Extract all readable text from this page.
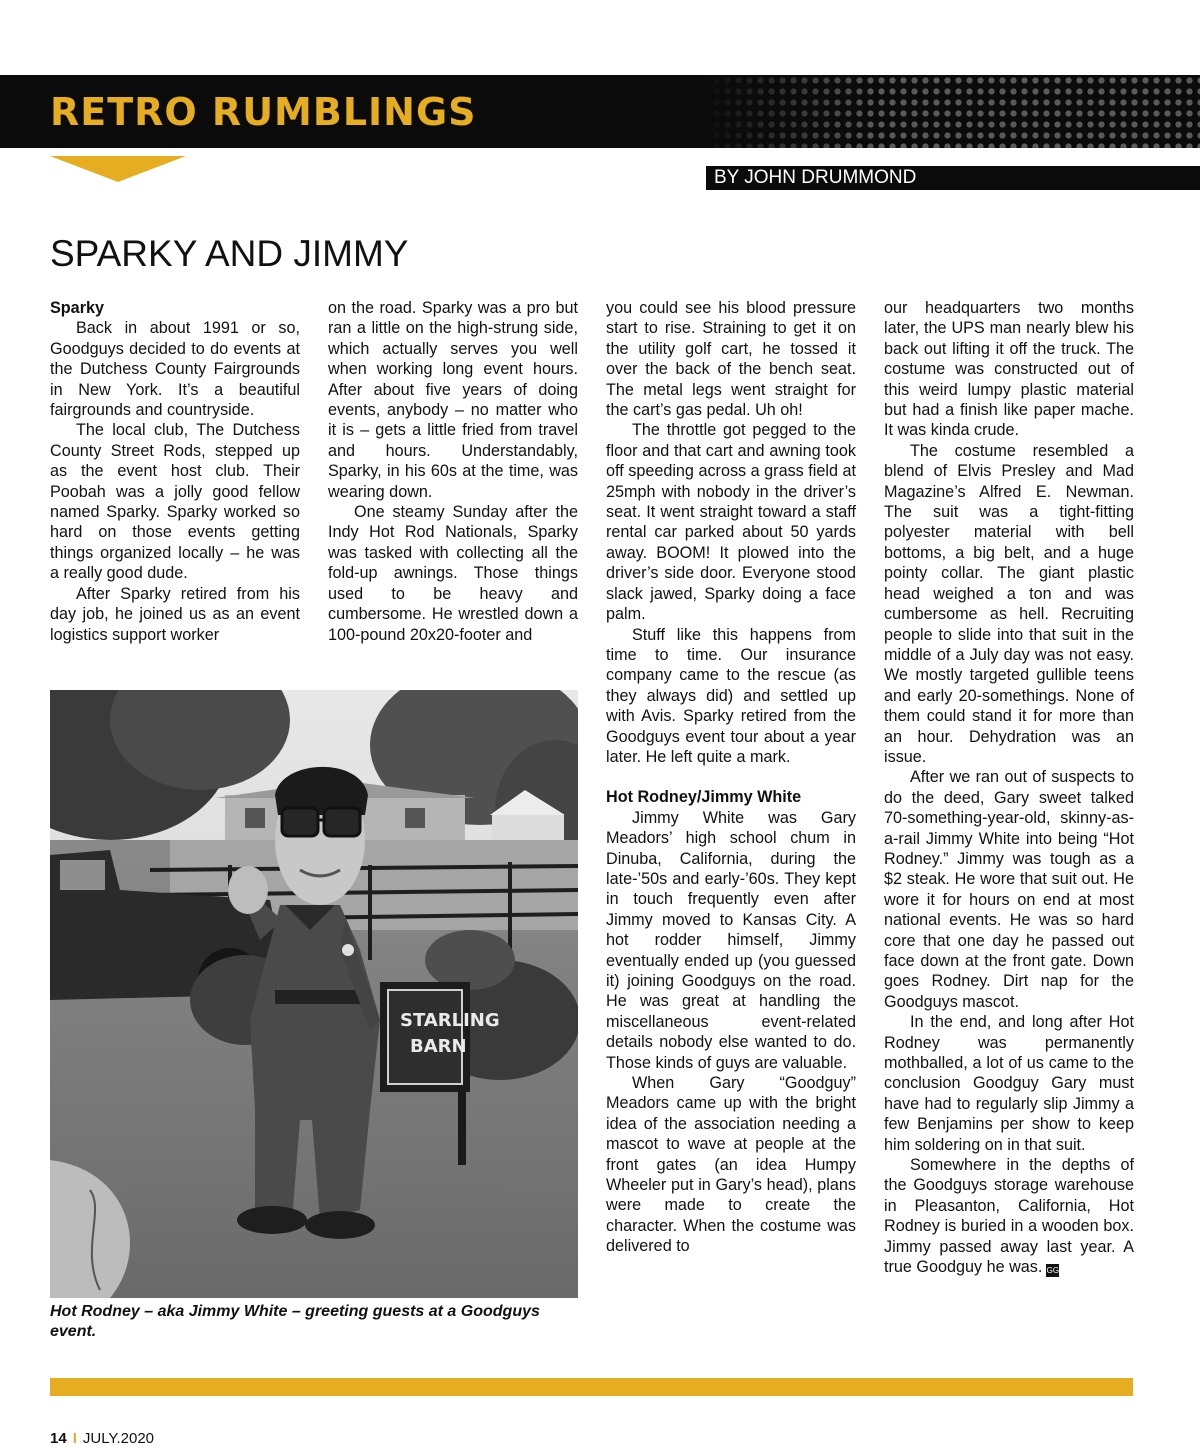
RETRO RUMBLINGS

BY JOHN DRUMMOND

SPARKY AND JIMMY
Sparky

Back in about 1991 or so, Goodguys decided to do events at the Dutchess County Fairgrounds in New York. It’s a beautiful fairgrounds and countryside.

The local club, The Dutchess County Street Rods, stepped up as the event host club. Their Poobah was a jolly good fellow named Sparky. Sparky worked so hard on those events getting things organized locally – he was a really good dude.

After Sparky retired from his day job, he joined us as an event logistics support worker

on the road. Sparky was a pro but ran a little on the high-strung side, which actually serves you well when working long event hours. After about five years of doing events, anybody – no matter who it is – gets a little fried from travel and hours. Understandably, Sparky, in his 60s at the time, was wearing down.

One steamy Sunday after the Indy Hot Rod Nationals, Sparky was tasked with collecting all the fold-up awnings. Those things used to be heavy and cumbersome. He wrestled down a 100-pound 20x20-footer and

you could see his blood pressure start to rise. Straining to get it on the utility golf cart, he tossed it over the back of the bench seat. The metal legs went straight for the cart’s gas pedal. Uh oh!

The throttle got pegged to the floor and that cart and awning took off speeding across a grass field at 25mph with nobody in the driver’s seat. It went straight toward a staff rental car parked about 50 yards away. BOOM! It plowed into the driver’s side door. Everyone stood slack jawed, Sparky doing a face palm.

Stuff like this happens from time to time. Our insurance company came to the rescue (as they always did) and settled up with Avis. Sparky retired from the Goodguys event tour about a year later. He left quite a mark.

Hot Rodney/Jimmy White

Jimmy White was Gary Meadors’ high school chum in Dinuba, California, during the late-’50s and early-’60s. They kept in touch frequently even after Jimmy moved to Kansas City. A hot rodder himself, Jimmy eventually ended up (you guessed it) joining Goodguys on the road. He was great at handling the miscellaneous event-related details nobody else wanted to do. Those kinds of guys are valuable.

When Gary “Goodguy” Meadors came up with the bright idea of the association needing a mascot to wave at people at the front gates (an idea Humpy Wheeler put in Gary’s head), plans were made to create the character. When the costume was delivered to

our headquarters two months later, the UPS man nearly blew his back out lifting it off the truck. The costume was constructed out of this weird lumpy plastic material but had a finish like paper mache. It was kinda crude.

The costume resembled a blend of Elvis Presley and Mad Magazine’s Alfred E. Newman. The suit was a tight-fitting polyester material with bell bottoms, a big belt, and a huge pointy collar. The giant plastic head weighed a ton and was cumbersome as hell. Recruiting people to slide into that suit in the middle of a July day was not easy. We mostly targeted gullible teens and early 20-somethings. None of them could stand it for more than an hour. Dehydration was an issue.

After we ran out of suspects to do the deed, Gary sweet talked 70-something-year-old, skinny-as-a-rail Jimmy White into being “Hot Rodney.” Jimmy was tough as a $2 steak. He wore that suit out. He wore it for hours on end at most national events. He was so hard core that one day he passed out face down at the front gate. Down goes Rodney. Dirt nap for the Goodguys mascot.

In the end, and long after Hot Rodney was permanently mothballed, a lot of us came to the conclusion Goodguy Gary must have had to regularly slip Jimmy a few Benjamins per show to keep him soldering on in that suit.

Somewhere in the depths of the Goodguys storage warehouse in Pleasanton, California, Hot Rodney is buried in a wooden box. Jimmy passed away last year. A true Goodguy he was. GG

STARLING
BARN

Hot Rodney – aka Jimmy White – greeting guests at a Goodguys event.

14 I JULY.2020
